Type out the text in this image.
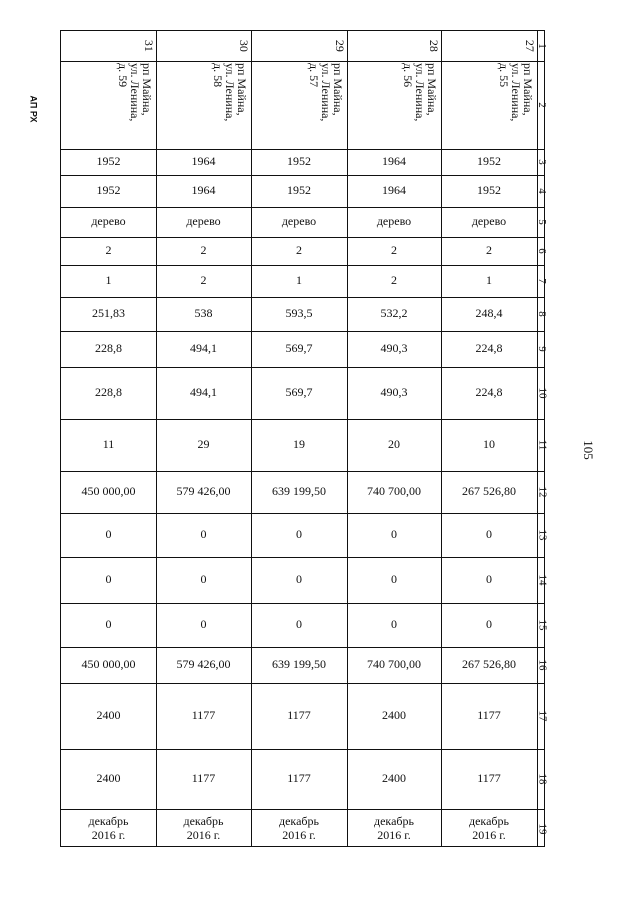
АП РХ
105
1
2
3
4
5
6
7
8
9
10
11
12
13
14
15
16
17
18
19
27
рп Майна,
ул. Ленина,
д. 55
1952
1952
дерево
2
1
248,4
224,8
224,8
10
267 526,80
0
0
0
267 526,80
1177
1177
декабрь
2016 г.
28
рп Майна,
ул. Ленина,
д. 56
1964
1964
дерево
2
2
532,2
490,3
490,3
20
740 700,00
0
0
0
740 700,00
2400
2400
декабрь
2016 г.
29
рп Майна,
ул. Ленина,
д. 57
1952
1952
дерево
2
1
593,5
569,7
569,7
19
639 199,50
0
0
0
639 199,50
1177
1177
декабрь
2016 г.
30
рп Майна,
ул. Ленина,
д. 58
1964
1964
дерево
2
2
538
494,1
494,1
29
579 426,00
0
0
0
579 426,00
1177
1177
декабрь
2016 г.
31
рп Майна,
ул. Ленина,
д. 59
1952
1952
дерево
2
1
251,83
228,8
228,8
11
450 000,00
0
0
0
450 000,00
2400
2400
декабрь
2016 г.
